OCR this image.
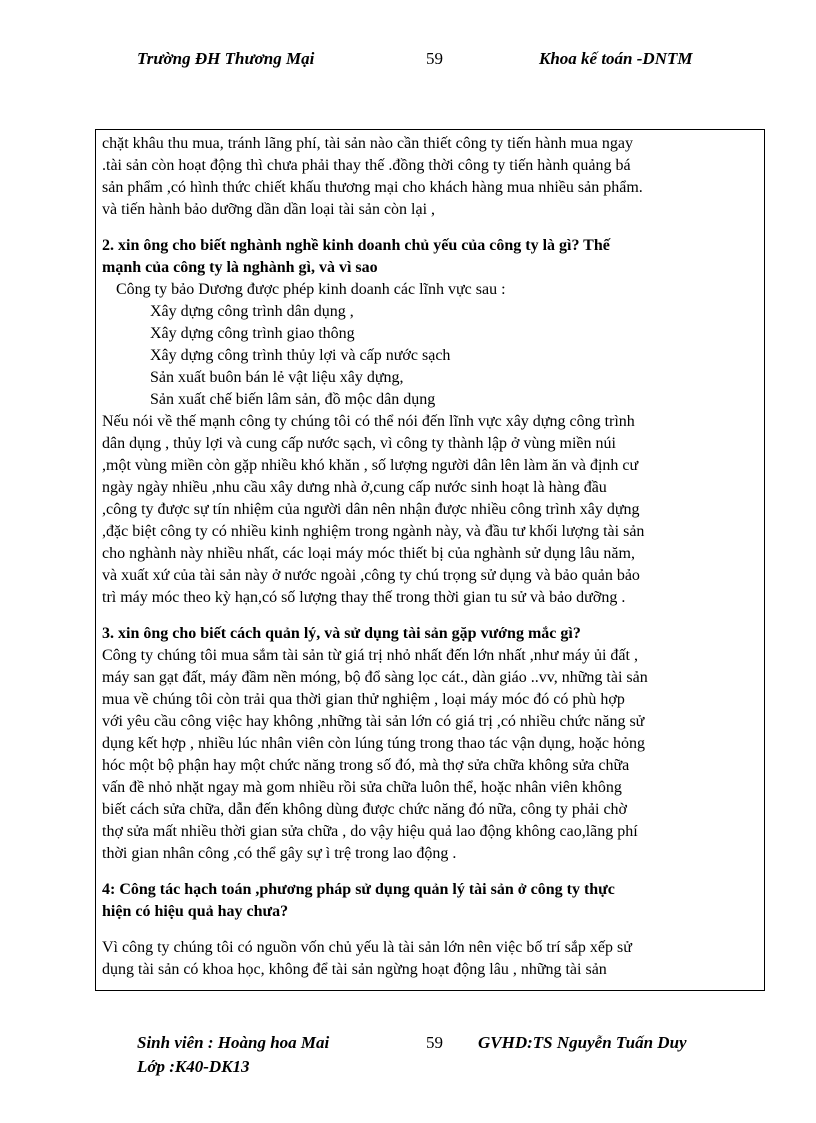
Trường ĐH Thương Mại	59	Khoa kế toán -DNTM

chặt khâu thu mua, tránh lãng phí, tài sản nào cần thiết công ty tiến hành mua ngay

.tài sản còn hoạt động thì chưa phải thay thế .đồng thời công ty tiến hành quảng bá

sản phẩm ,có hình thức chiết khấu thương mại cho khách hàng mua nhiều sản phẩm.

và tiến hành bảo dưỡng dần dần loại tài sản còn lại ,

2. xin ông cho biết nghành nghề kinh doanh chủ yếu của công ty là gì? Thế

mạnh của công ty là nghành gì, và vì sao

Công ty bảo Dương được phép kinh doanh các lĩnh vực sau :

Xây dựng công trình dân dụng ,

Xây dựng công trình giao thông

Xây dựng công trình thủy lợi và cấp nước sạch

Sản xuất buôn bán lẻ vật liệu xây dựng,

Sản xuất chế biến lâm sản, đồ mộc dân dụng

Nếu nói về thế mạnh công ty chúng tôi có thể nói đến lĩnh vực xây dựng công trình

dân dụng , thủy lợi và cung cấp nước sạch, vì công ty thành lập ở vùng miền núi

,một vùng miền còn gặp nhiều khó khăn , số lượng người dân lên làm ăn và định cư

ngày ngày nhiều ,nhu cầu xây dưng nhà ở,cung cấp nước sinh hoạt là hàng đầu

,công ty được sự tín nhiệm của người dân nên nhận được nhiều công trình xây dựng

,đặc biệt công ty có nhiều kinh nghiệm trong ngành này, và đầu tư khối lượng tài sản

cho nghành này nhiều nhất, các loại máy móc thiết bị của nghành sử dụng lâu năm,

và xuất xứ của tài sản này ở nước ngoài ,công ty chú trọng sử dụng và bảo quản bảo

trì máy móc theo kỳ hạn,có số lượng thay thế trong thời gian tu sử và bảo dưỡng .

3. xin ông cho biết cách quản lý, và sử dụng tài sản gặp vướng mắc gì?

Công ty chúng tôi mua sắm tài sản từ giá trị nhỏ nhất đến lớn nhất ,như máy ủi đất ,

máy san gạt đất, máy đầm nền móng, bộ đổ sàng lọc cát., dàn giáo ..vv, những tài sản

mua về chúng tôi còn trải qua thời gian thử nghiệm , loại máy móc đó có phù hợp

với yêu cầu công việc hay không ,những tài sản lớn có giá trị ,có nhiều chức năng sử

dụng kết hợp , nhiều lúc nhân viên còn lúng túng trong thao tác vận dụng, hoặc hỏng

hóc một bộ phận hay một chức năng trong số đó, mà thợ sửa chữa không sửa chữa

vấn đề nhỏ nhặt ngay mà gom nhiều rồi sửa chữa luôn thể, hoặc nhân viên không

biết cách sửa chữa, dẫn đến không dùng được chức năng đó nữa, công ty phải chờ

thợ sửa mất nhiều thời gian sửa chữa , do vậy hiệu quả lao động không cao,lãng phí

thời gian nhân công ,có thể gây sự ì trệ trong lao động .

4: Công tác hạch toán ,phương pháp sử dụng quản lý tài sản ở công ty thực

hiện có hiệu quả hay chưa?

Vì công ty chúng tôi có nguồn vốn chủ yếu là tài sản lớn nên việc bố trí sắp xếp sử

dụng tài sản có khoa học, không để tài sản ngừng hoạt động lâu , những tài sản

Sinh viên : Hoàng hoa Mai
Lớp :K40-DK13
59 GVHD:TS Nguyễn Tuấn Duy
